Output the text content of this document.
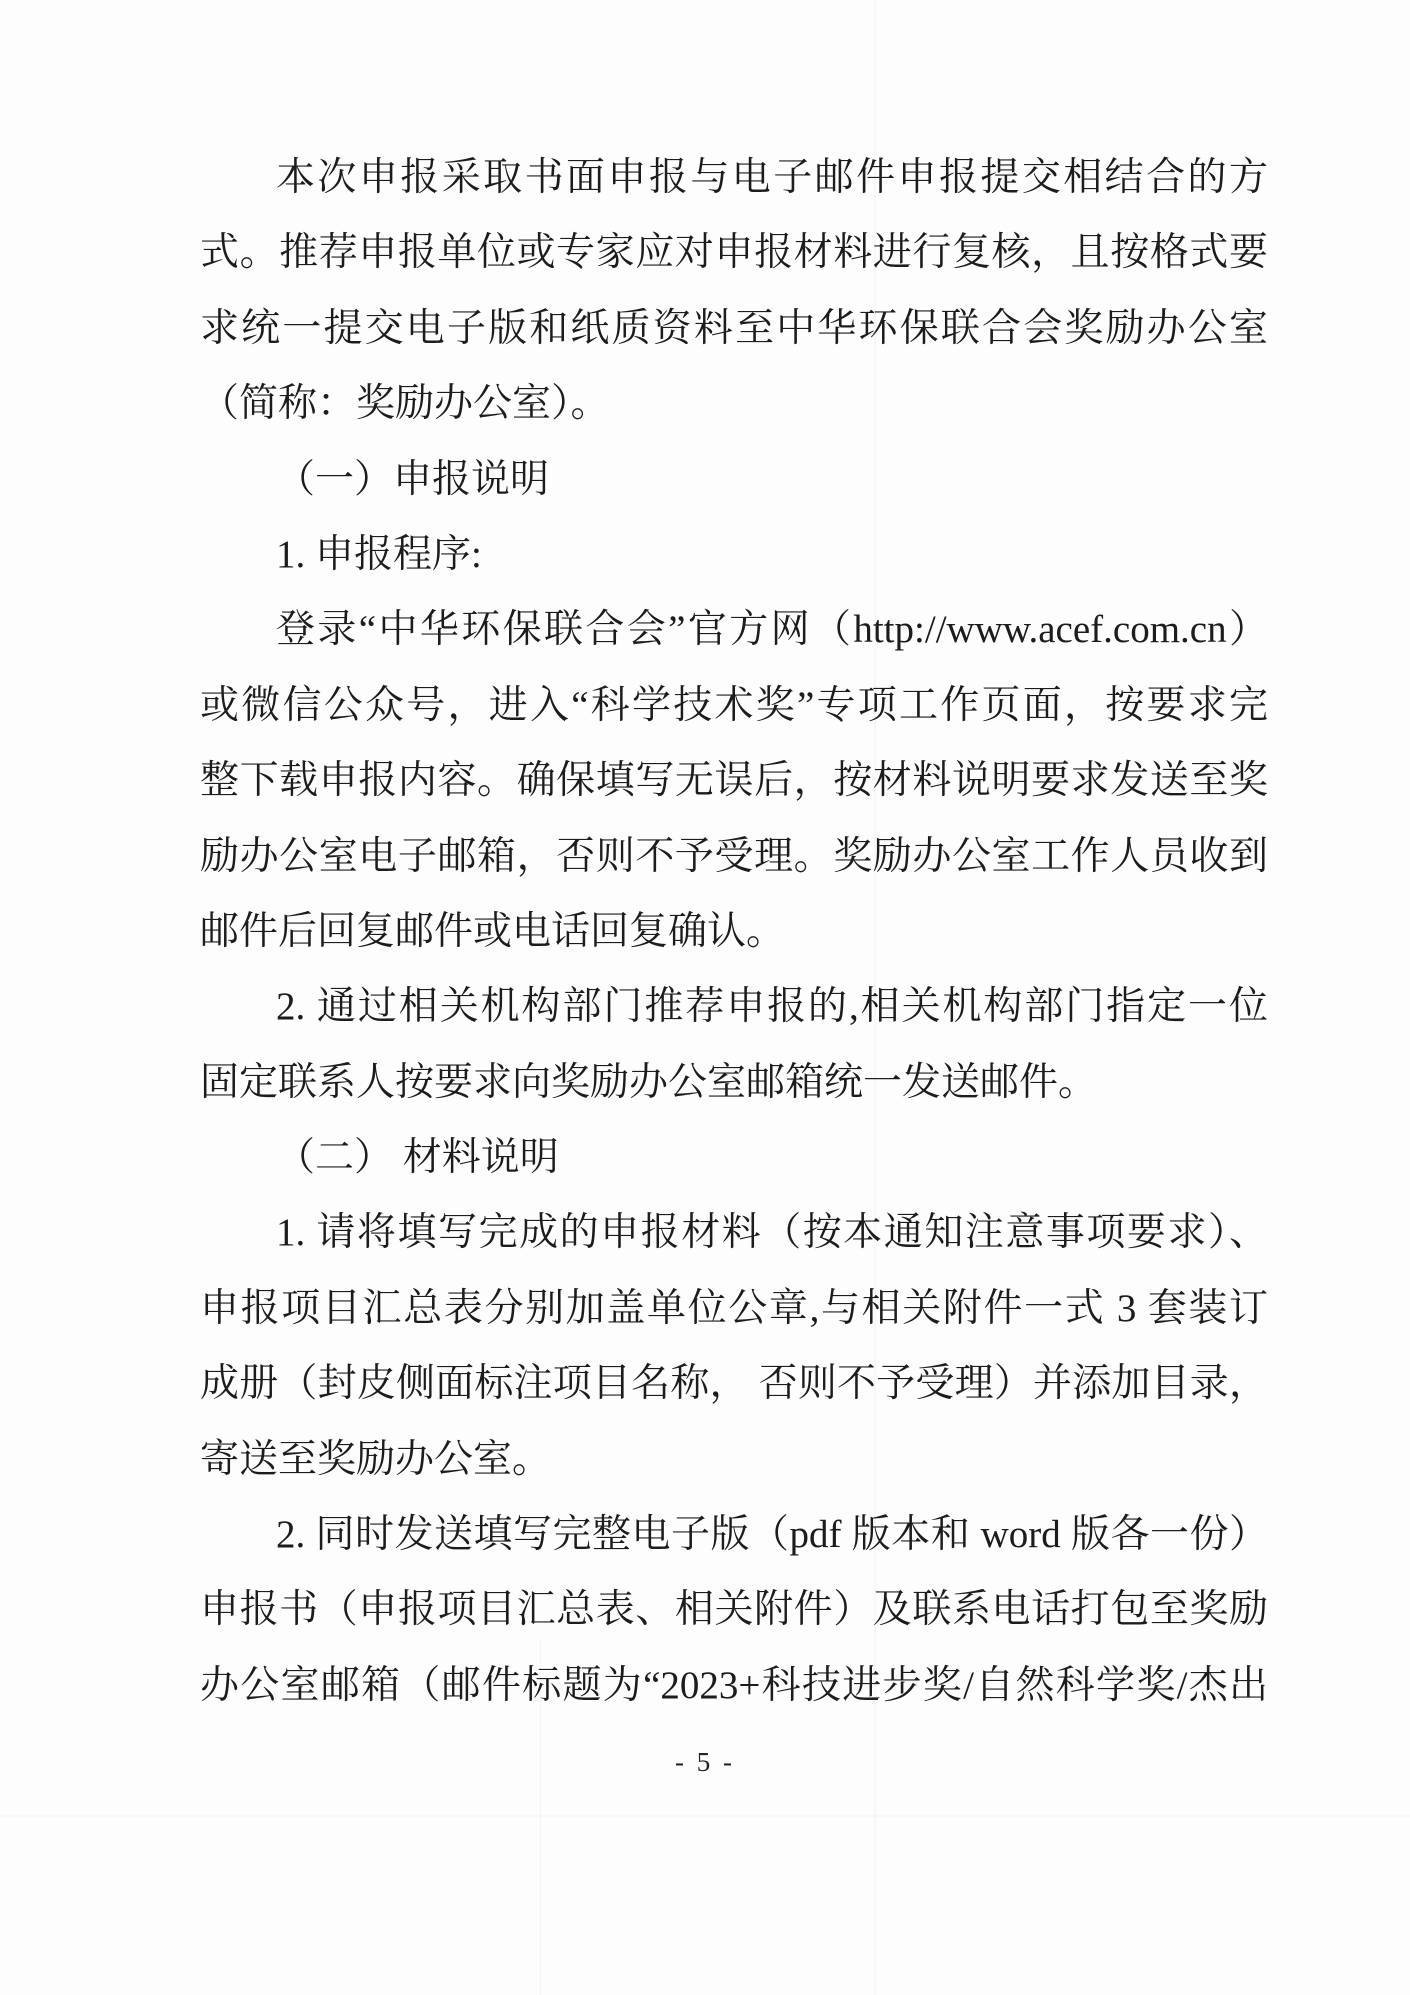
本次申报采取书面申报与电子邮件申报提交相结合的方
式。推荐申报单位或专家应对申报材料进行复核，且按格式要
求统一提交电子版和纸质资料至中华环保联合会奖励办公室
（简称：奖励办公室）。
（一）申报说明
1. 申报程序:
登录“中华环保联合会”官方网（http://www.acef.com.cn）
或微信公众号，进入“科学技术奖”专项工作页面，按要求完
整下载申报内容。确保填写无误后，按材料说明要求发送至奖
励办公室电子邮箱，否则不予受理。奖励办公室工作人员收到
邮件后回复邮件或电话回复确认。
2. 通过相关机构部门推荐申报的,相关机构部门指定一位
固定联系人按要求向奖励办公室邮箱统一发送邮件。
（二） 材料说明
1. 请将填写完成的申报材料（按本通知注意事项要求）、
申报项目汇总表分别加盖单位公章,与相关附件一式 3 套装订
成册（封皮侧面标注项目名称， 否则不予受理）并添加目录，
寄送至奖励办公室。
2. 同时发送填写完整电子版（pdf 版本和 word 版各一份）
申报书（申报项目汇总表、相关附件）及联系电话打包至奖励
办公室邮箱（邮件标题为“2023+科技进步奖/自然科学奖/杰出
- 5 -
